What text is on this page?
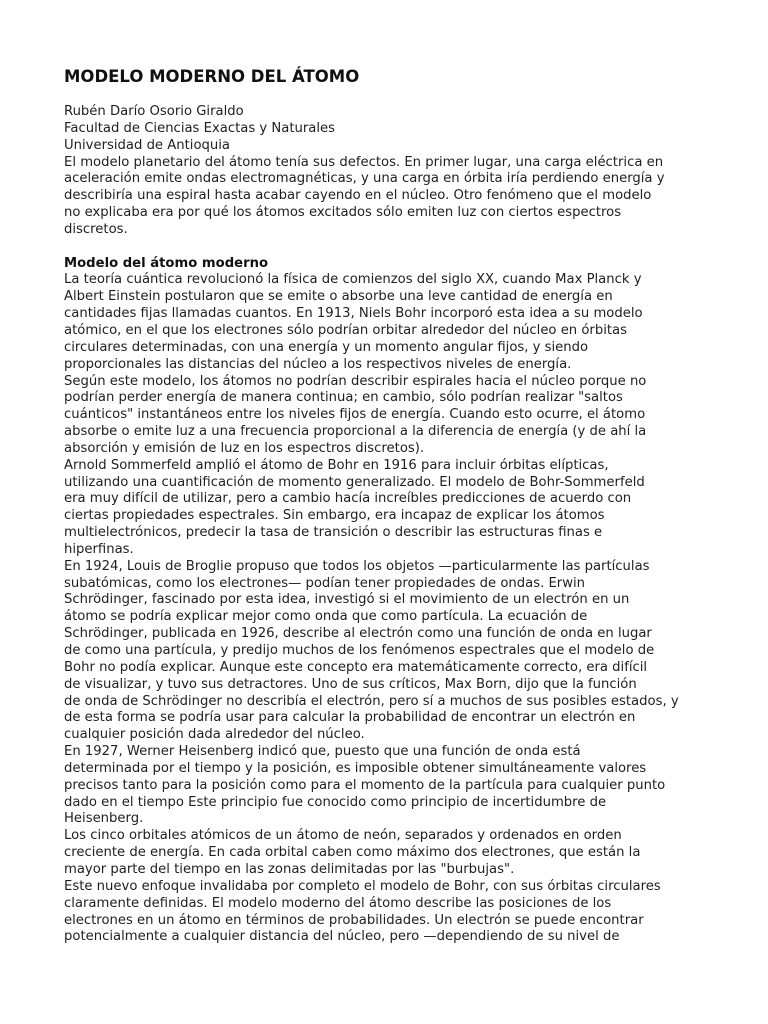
MODELO MODERNO DEL ÁTOMO
Rubén Darío Osorio Giraldo
Facultad de Ciencias Exactas y Naturales
Universidad de Antioquia
El modelo planetario del átomo tenía sus defectos. En primer lugar, una carga eléctrica en
aceleración emite ondas electromagnéticas, y una carga en órbita iría perdiendo energía y
describiría una espiral hasta acabar cayendo en el núcleo. Otro fenómeno que el modelo
no explicaba era por qué los átomos excitados sólo emiten luz con ciertos espectros
discretos.
Modelo del átomo moderno
La teoría cuántica revolucionó la física de comienzos del siglo XX, cuando Max Planck y
Albert Einstein postularon que se emite o absorbe una leve cantidad de energía en
cantidades fijas llamadas cuantos. En 1913, Niels Bohr incorporó esta idea a su modelo
atómico, en el que los electrones sólo podrían orbitar alrededor del núcleo en órbitas
circulares determinadas, con una energía y un momento angular fijos, y siendo
proporcionales las distancias del núcleo a los respectivos niveles de energía.
Según este modelo, los átomos no podrían describir espirales hacia el núcleo porque no
podrían perder energía de manera continua; en cambio, sólo podrían realizar "saltos
cuánticos" instantáneos entre los niveles fijos de energía. Cuando esto ocurre, el átomo
absorbe o emite luz a una frecuencia proporcional a la diferencia de energía (y de ahí la
absorción y emisión de luz en los espectros discretos).
Arnold Sommerfeld amplió el átomo de Bohr en 1916 para incluir órbitas elípticas,
utilizando una cuantificación de momento generalizado. El modelo de Bohr-Sommerfeld
era muy difícil de utilizar, pero a cambio hacía increíbles predicciones de acuerdo con
ciertas propiedades espectrales. Sin embargo, era incapaz de explicar los átomos
multielectrónicos, predecir la tasa de transición o describir las estructuras finas e
hiperfinas.
En 1924, Louis de Broglie propuso que todos los objetos —particularmente las partículas
subatómicas, como los electrones— podían tener propiedades de ondas. Erwin
Schrödinger, fascinado por esta idea, investigó si el movimiento de un electrón en un
átomo se podría explicar mejor como onda que como partícula. La ecuación de
Schrödinger, publicada en 1926, describe al electrón como una función de onda en lugar
de como una partícula, y predijo muchos de los fenómenos espectrales que el modelo de
Bohr no podía explicar. Aunque este concepto era matemáticamente correcto, era difícil
de visualizar, y tuvo sus detractores. Uno de sus críticos, Max Born, dijo que la función
de onda de Schrödinger no describía el electrón, pero sí a muchos de sus posibles estados, y
de esta forma se podría usar para calcular la probabilidad de encontrar un electrón en
cualquier posición dada alrededor del núcleo.
En 1927, Werner Heisenberg indicó que, puesto que una función de onda está
determinada por el tiempo y la posición, es imposible obtener simultáneamente valores
precisos tanto para la posición como para el momento de la partícula para cualquier punto
dado en el tiempo Este principio fue conocido como principio de incertidumbre de
Heisenberg.
Los cinco orbitales atómicos de un átomo de neón, separados y ordenados en orden
creciente de energía. En cada orbital caben como máximo dos electrones, que están la
mayor parte del tiempo en las zonas delimitadas por las "burbujas".
Este nuevo enfoque invalidaba por completo el modelo de Bohr, con sus órbitas circulares
claramente definidas. El modelo moderno del átomo describe las posiciones de los
electrones en un átomo en términos de probabilidades. Un electrón se puede encontrar
potencialmente a cualquier distancia del núcleo, pero —dependiendo de su nivel de
